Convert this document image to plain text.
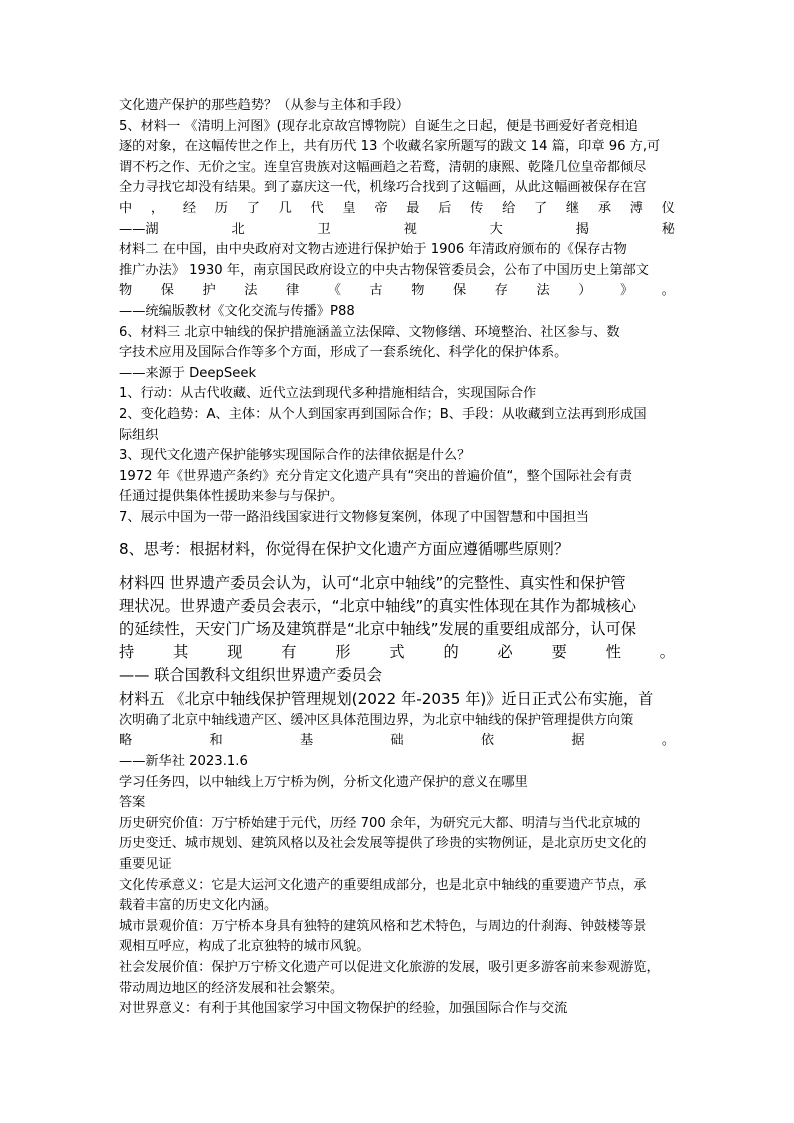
文化遗产保护的那些趋势？（从参与主体和手段）

5、材料一 《清明上河图》(现存北京故宫博物院）自诞生之日起，便是书画爱好者竞相追

逐的对象，在这幅传世之作上，共有历代 13 个收藏名家所题写的跋文 14 篇，印章 96 方,可

谓不朽之作、无价之宝。连皇宫贵族对这幅画趋之若鹜，清朝的康熙、乾隆几位皇帝都倾尽

全力寻找它却没有结果。到了嘉庆这一代，机缘巧合找到了这幅画，从此这幅画被保存在宫

中 ， 经 历 了 几 代 皇 帝 最 后 传 给 了 继 承 溥 仪
——湖	北	卫	视	大	揭	秘

材料二 在中国，由中央政府对文物古迹进行保护始于 1906 年清政府颁布的《保存古物

推广办法》 1930 年，南京国民政府设立的中央古物保管委员会，公布了中国历史上第部文

物 保 护 法 律 《 古 物 保 存 法 ） 》 。

——统编版教材《文化交流与传播》P88

6、材料三 北京中轴线的保护措施涵盖立法保障、文物修缮、环境整治、社区参与、数

字技术应用及国际合作等多个方面，形成了一套系统化、科学化的保护体系。

——来源于 DeepSeek

1、行动：从古代收藏、近代立法到现代多种措施相结合，实现国际合作

2、变化趋势：A、主体：从个人到国家再到国际合作；B、手段：从收藏到立法再到形成国

际组织

3、现代文化遗产保护能够实现国际合作的法律依据是什么？

1972 年《世界遗产条约》充分肯定文化遗产具有“突出的普遍价值“，整个国际社会有责

任通过提供集体性援助来参与与保护。

7、展示中国为一带一路沿线国家进行文物修复案例，体现了中国智慧和中国担当

8、思考：根据材料，你觉得在保护文化遗产方面应遵循哪些原则？

材料四 世界遗产委员会认为，认可“北京中轴线”的完整性、真实性和保护管

理状况。世界遗产委员会表示，“北京中轴线”的真实性体现在其作为都城核心

的延续性，天安门广场及建筑群是“北京中轴线”发展的重要组成部分，认可保

持	其	现	有	形	式	的	必	要	性	。

—— 联合国教科文组织世界遗产委员会

材料五 《北京中轴线保护管理规划(2022 年-2035 年)》近日正式公布实施，首

次明确了北京中轴线遗产区、缓冲区具体范围边界，为北京中轴线的保护管理提供方向策

略	和	基	础	依	据	。

——新华社 2023.1.6

学习任务四，以中轴线上万宁桥为例，分析文化遗产保护的意义在哪里

答案

历史研究价值：万宁桥始建于元代，历经 700 余年，为研究元大都、明清与当代北京城的

历史变迁、城市规划、建筑风格以及社会发展等提供了珍贵的实物例证，是北京历史文化的

重要见证

文化传承意义：它是大运河文化遗产的重要组成部分，也是北京中轴线的重要遗产节点，承

载着丰富的历史文化内涵。

城市景观价值：万宁桥本身具有独特的建筑风格和艺术特色，与周边的什刹海、钟鼓楼等景

观相互呼应，构成了北京独特的城市风貌。

社会发展价值：保护万宁桥文化遗产可以促进文化旅游的发展，吸引更多游客前来参观游览，

带动周边地区的经济发展和社会繁荣。

对世界意义：有利于其他国家学习中国文物保护的经验，加强国际合作与交流
